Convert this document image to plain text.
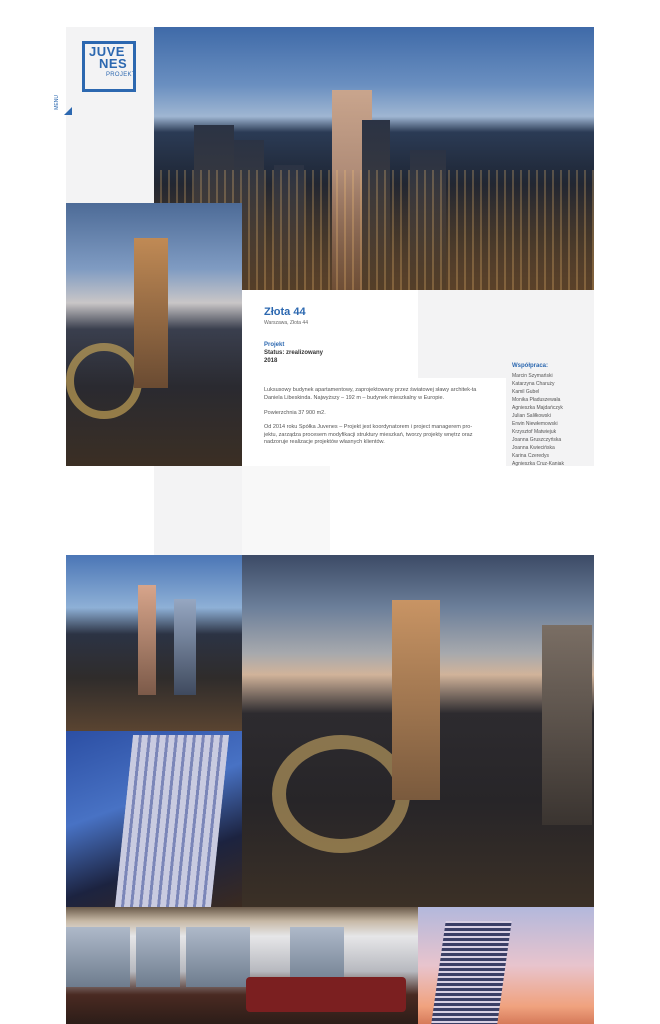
JUVE
NES
PROJEKT
MENU
Złota 44
Warszawa, Złota 44
Projekt
Status: zrealizowany
2018
Luksusowy budynek apartamentowy, zaprojektowany przez światowej sławy architek-ta Daniela Libeskinda. Najwyższy – 192 m – budynek mieszkalny w Europie.
Powierzchnia 37 900 m2.
Od 2014 roku Spółka Juvenes – Projekt jest koordynatorem i project managerem pro-jektu, zarządza procesem modyfikacji struktury mieszkań, tworzy projekty wnętrz oraz nadzoruje realizacje projektów własnych klientów.
Współpraca:
Marcin Szymański
Katarzyna Charuży
Kamil Gubel
Monika Pładuszewała
Agnieszka Majdańczyk
Julian Saliłkowski
Erwin Niewłemowski
Krzysztof Matwiejuk
Joanna Gruszczyńska
Joanna Kwiecińska
Karina Czeredys
Agnieszka Cruz-Kaniak
